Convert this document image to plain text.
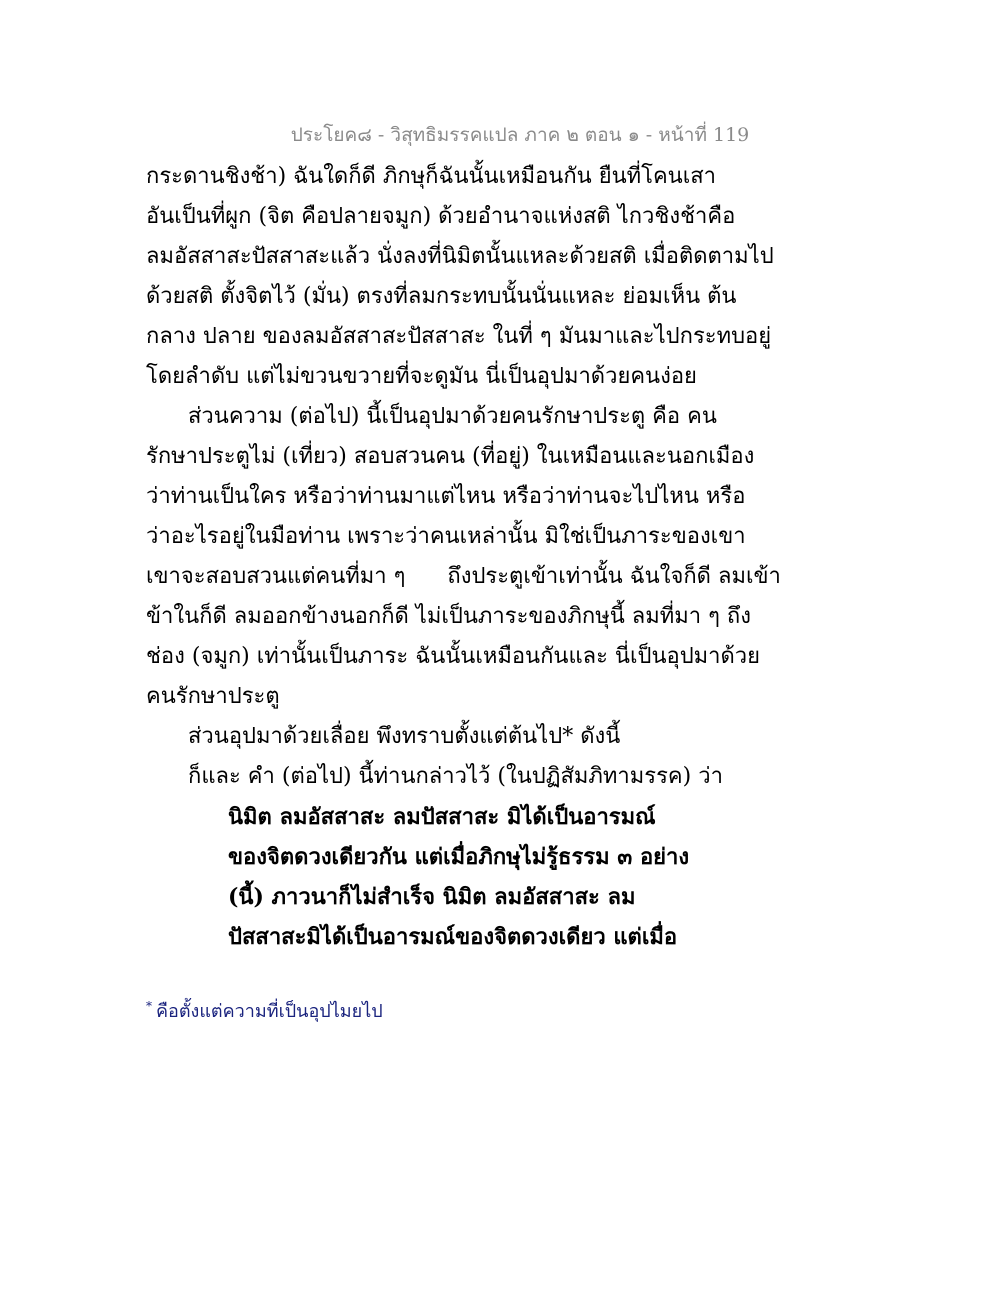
ประโยค๘ - วิสุทธิมรรคแปล ภาค ๒ ตอน ๑ - หน้าที่ 119
กระดานชิงช้า) ฉันใดก็ดี ภิกษุก็ฉันนั้นเหมือนกัน ยืนที่โคนเสา
อันเป็นที่ผูก (จิต คือปลายจมูก) ด้วยอำนาจแห่งสติ ไกวชิงช้าคือ
ลมอัสสาสะปัสสาสะแล้ว นั่งลงที่นิมิตนั้นแหละด้วยสติ เมื่อติดตามไป
ด้วยสติ ตั้งจิตไว้ (มั่น) ตรงที่ลมกระทบนั้นนั่นแหละ ย่อมเห็น ต้น
กลาง ปลาย ของลมอัสสาสะปัสสาสะ ในที่ ๆ มันมาและไปกระทบอยู่
โดยลำดับ แต่ไม่ขวนขวายที่จะดูมัน นี่เป็นอุปมาด้วยคนง่อย
ส่วนความ (ต่อไป) นี้เป็นอุปมาด้วยคนรักษาประตู คือ คน
รักษาประตูไม่ (เที่ยว) สอบสวนคน (ที่อยู่) ในเหมือนและนอกเมือง
ว่าท่านเป็นใคร หรือว่าท่านมาแต่ไหน หรือว่าท่านจะไปไหน หรือ
ว่าอะไรอยู่ในมือท่าน เพราะว่าคนเหล่านั้น มิใช่เป็นภาระของเขา
เขาจะสอบสวนแต่คนที่มา ๆ      ถึงประตูเข้าเท่านั้น ฉันใจก็ดี ลมเข้า
ข้าในก็ดี ลมออกข้างนอกก็ดี ไม่เป็นภาระของภิกษุนี้ ลมที่มา ๆ ถึง
ช่อง (จมูก) เท่านั้นเป็นภาระ ฉันนั้นเหมือนกันและ นี่เป็นอุปมาด้วย
คนรักษาประตู
ส่วนอุปมาด้วยเลื่อย พึงทราบตั้งแต่ต้นไป* ดังนี้
ก็และ คำ (ต่อไป) นี้ท่านกล่าวไว้ (ในปฏิสัมภิทามรรค) ว่า
นิมิต ลมอัสสาสะ ลมปัสสาสะ มิได้เป็นอารมณ์
ของจิตดวงเดียวกัน แต่เมื่อภิกษุไม่รู้ธรรม ๓ อย่าง
(นี้) ภาวนาก็ไม่สำเร็จ นิมิต ลมอัสสาสะ ลม
ปัสสาสะมิได้เป็นอารมณ์ของจิตดวงเดียว แต่เมื่อ
* คือตั้งแต่ความที่เป็นอุปไมยไป
